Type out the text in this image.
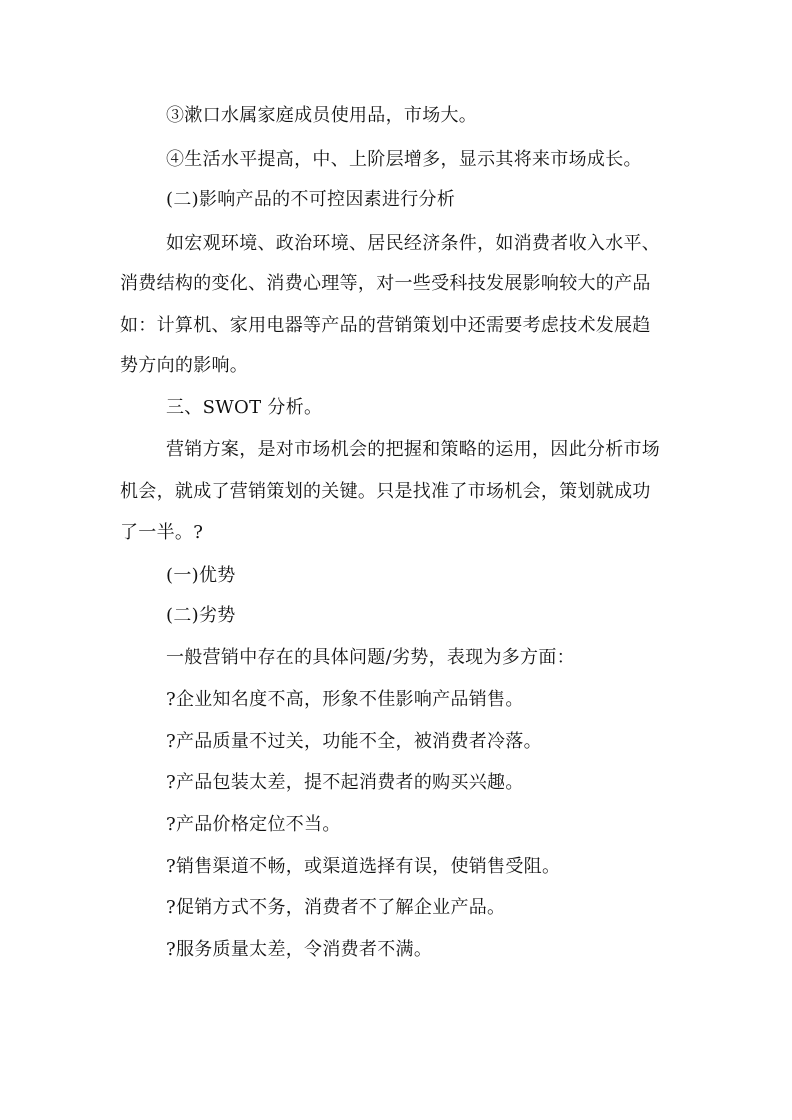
③漱口水属家庭成员使用品，市场大。
④生活水平提高，中、上阶层增多，显示其将来市场成长。
(二)影响产品的不可控因素进行分析
如宏观环境、政治环境、居民经济条件，如消费者收入水平、
消费结构的变化、消费心理等，对一些受科技发展影响较大的产品
如：计算机、家用电器等产品的营销策划中还需要考虑技术发展趋
势方向的影响。
三、SWOT 分析。
营销方案，是对市场机会的把握和策略的运用，因此分析市场
机会，就成了营销策划的关键。只是找准了市场机会，策划就成功
了一半。?
(一)优势
(二)劣势
一般营销中存在的具体问题/劣势，表现为多方面：
?企业知名度不高，形象不佳影响产品销售。
?产品质量不过关，功能不全，被消费者冷落。
?产品包装太差，提不起消费者的购买兴趣。
?产品价格定位不当。
?销售渠道不畅，或渠道选择有误，使销售受阻。
?促销方式不务，消费者不了解企业产品。
?服务质量太差，令消费者不满。
